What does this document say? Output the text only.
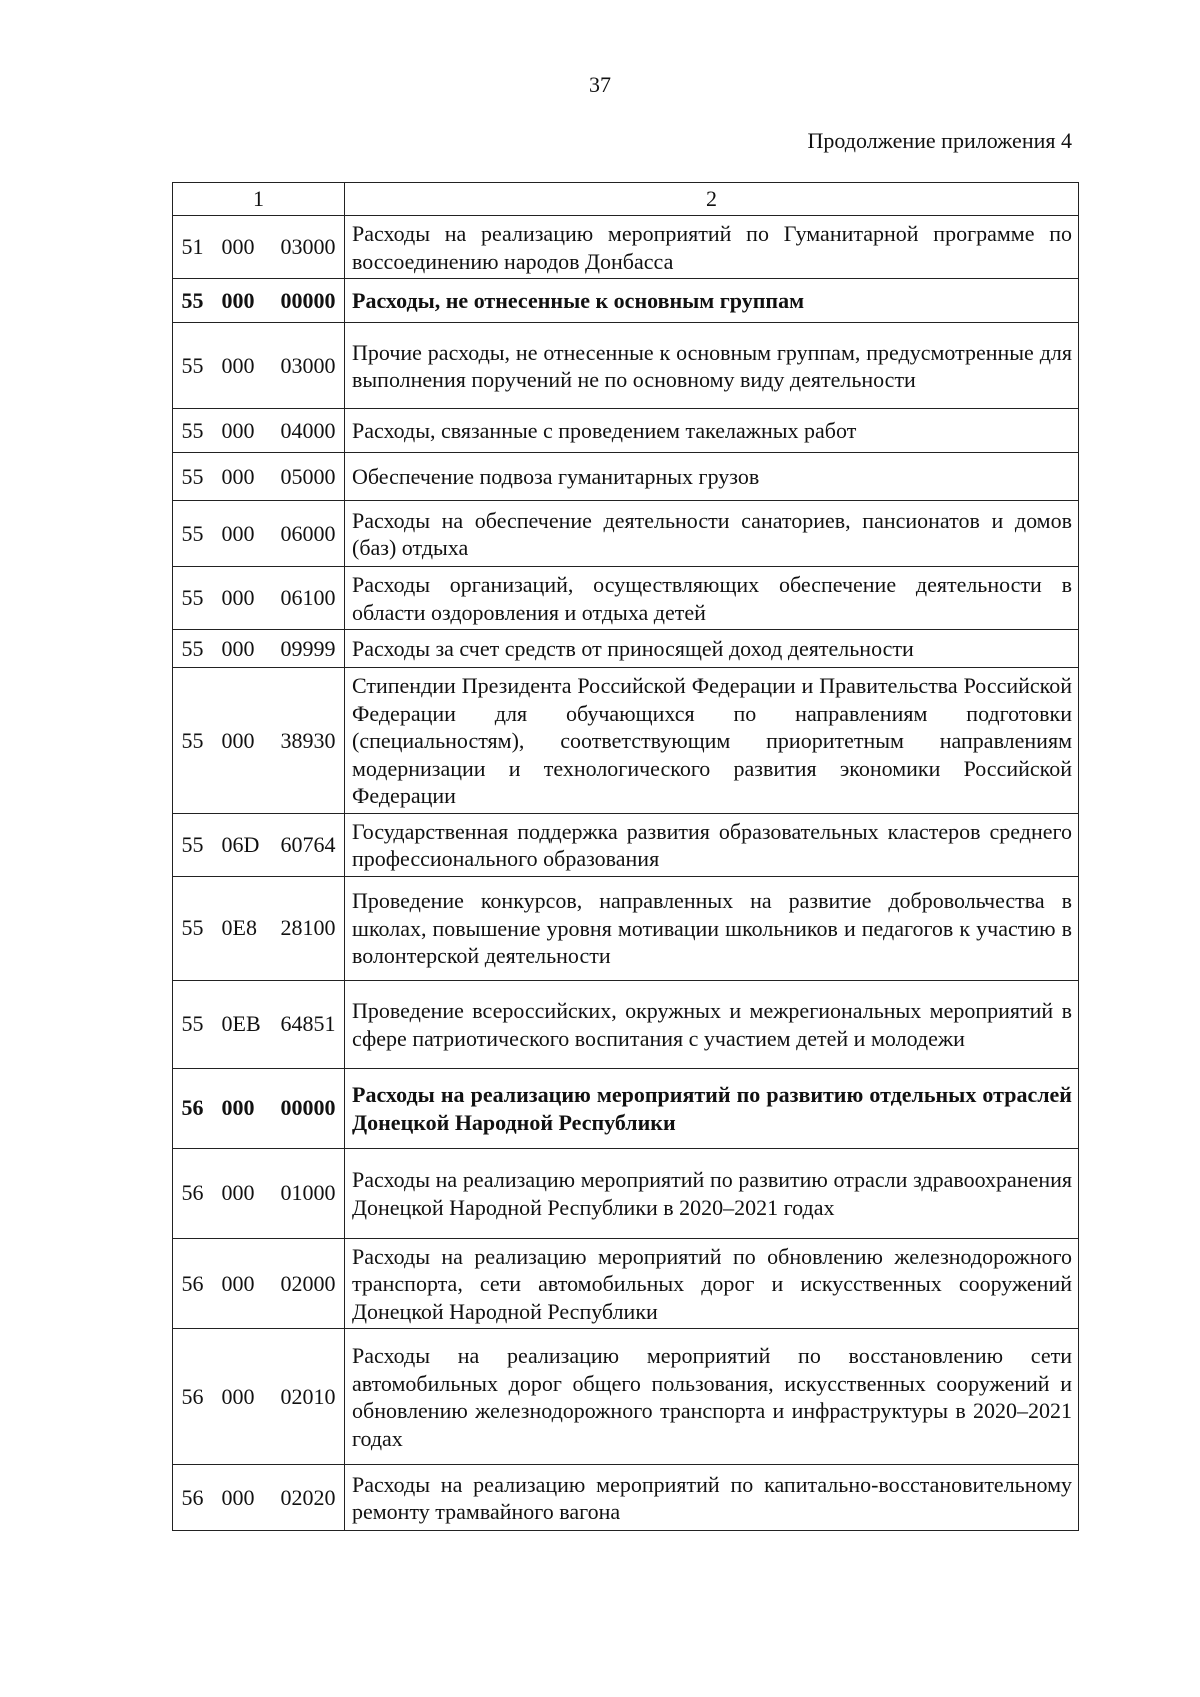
37
Продолжение приложения 4
1	2
51 000 03000	Расходы на реализацию мероприятий по Гуманитарной программе по воссоединению народов Донбасса
55 000 00000	Расходы, не отнесенные к основным группам
55 000 03000	Прочие расходы, не отнесенные к основным группам, предусмотренные для выполнения поручений не по основному виду деятельности
55 000 04000	Расходы, связанные с проведением такелажных работ
55 000 05000	Обеспечение подвоза гуманитарных грузов
55 000 06000	Расходы на обеспечение деятельности санаториев, пансионатов и домов (баз) отдыха
55 000 06100	Расходы организаций, осуществляющих обеспечение деятельности в области оздоровления и отдыха детей
55 000 09999	Расходы за счет средств от приносящей доход деятельности
55 000 38930	Стипендии Президента Российской Федерации и Правительства Российской Федерации для обучающихся по направлениям подготовки (специальностям), соответствующим приоритетным направлениям модернизации и технологического развития экономики Российской Федерации
55 06D 60764	Государственная поддержка развития образовательных кластеров среднего профессионального образования
55 0E8 28100	Проведение конкурсов, направленных на развитие добровольчества в школах, повышение уровня мотивации школьников и педагогов к участию в волонтерской деятельности
55 0EB 64851	Проведение всероссийских, окружных и межрегиональных мероприятий в сфере патриотического воспитания с участием детей и молодежи
56 000 00000	Расходы на реализацию мероприятий по развитию отдельных отраслей Донецкой Народной Республики
56 000 01000	Расходы на реализацию мероприятий по развитию отрасли здравоохранения Донецкой Народной Республики в 2020–2021 годах
56 000 02000	Расходы на реализацию мероприятий по обновлению железнодорожного транспорта, сети автомобильных дорог и искусственных сооружений Донецкой Народной Республики
56 000 02010	Расходы на реализацию мероприятий по восстановлению сети автомобильных дорог общего пользования, искусственных сооружений и обновлению железнодорожного транспорта и инфраструктуры в 2020–2021 годах
56 000 02020	Расходы на реализацию мероприятий по капитально-восстановительному ремонту трамвайного вагона
